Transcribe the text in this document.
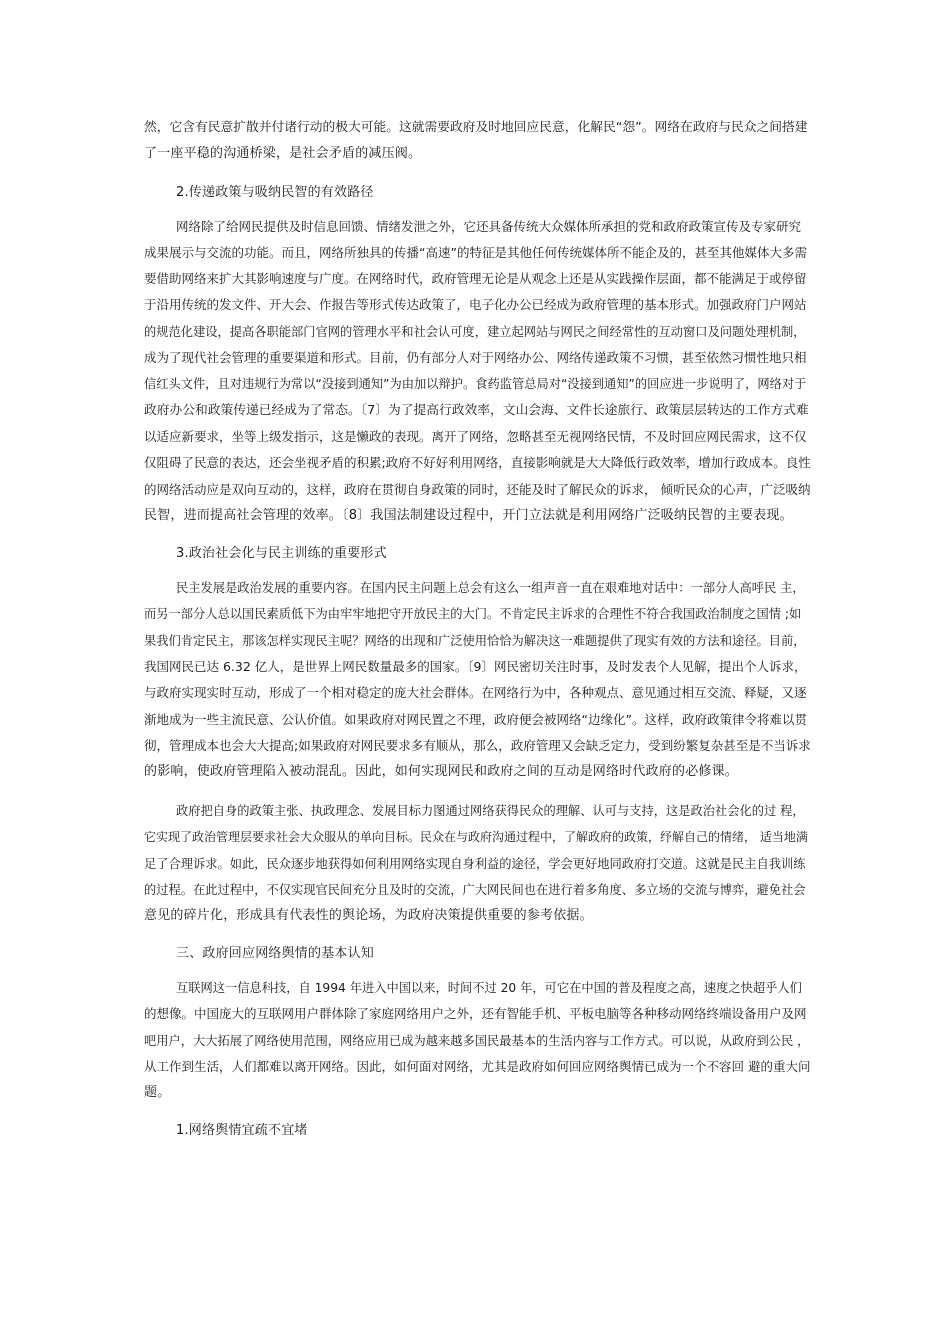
然，它含有民意扩散并付诸行动的极大可能。这就需要政府及时地回应民意，化解民“怨”。网络在政府与民众之间搭建
了一座平稳的沟通桥梁，是社会矛盾的减压阀。
2.传递政策与吸纳民智的有效路径
网络除了给网民提供及时信息回馈、情绪发泄之外，它还具备传统大众媒体所承担的党和政府政策宣传及专家研究
成果展示与交流的功能。而且，网络所独具的传播“高速”的特征是其他任何传统媒体所不能企及的，甚至其他媒体大多需
要借助网络来扩大其影响速度与广度。在网络时代，政府管理无论是从观念上还是从实践操作层面，都不能满足于或停留
于沿用传统的发文件、开大会、作报告等形式传达政策了，电子化办公已经成为政府管理的基本形式。加强政府门户网站
的规范化建设，提高各职能部门官网的管理水平和社会认可度，建立起网站与网民之间经常性的互动窗口及问题处理机制，
成为了现代社会管理的重要渠道和形式。目前，仍有部分人对于网络办公、网络传递政策不习惯，甚至依然习惯性地只相
信红头文件，且对违规行为常以“没接到通知”为由加以辩护。食药监管总局对“没接到通知”的回应进一步说明了，网络对于
政府办公和政策传递已经成为了常态。〔7〕为了提高行政效率，文山会海、文件长途旅行、政策层层转达的工作方式难
以适应新要求，坐等上级发指示，这是懒政的表现。离开了网络，忽略甚至无视网络民情，不及时回应网民需求，这不仅
仅阻碍了民意的表达，还会坐视矛盾的积累;政府不好好利用网络，直接影响就是大大降低行政效率，增加行政成本。良性
的网络活动应是双向互动的，这样，政府在贯彻自身政策的同时，还能及时了解民众的诉求， 倾听民众的心声，广泛吸纳
民智，进而提高社会管理的效率。〔8〕我国法制建设过程中，开门立法就是利用网络广泛吸纳民智的主要表现。
3.政治社会化与民主训练的重要形式
民主发展是政治发展的重要内容。在国内民主问题上总会有这么一组声音一直在艰难地对话中：一部分人高呼民 主，
而另一部分人总以国民素质低下为由牢牢地把守开放民主的大门。不肯定民主诉求的合理性不符合我国政治制度之国情 ;如
果我们肯定民主，那该怎样实现民主呢？网络的出现和广泛使用恰恰为解决这一难题提供了现实有效的方法和途径。目前，
我国网民已达 6.32 亿人，是世界上网民数量最多的国家。〔9〕网民密切关注时事，及时发表个人见解，提出个人诉求，
与政府实现实时互动，形成了一个相对稳定的庞大社会群体。在网络行为中，各种观点、意见通过相互交流、释疑，又逐
渐地成为一些主流民意、公认价值。如果政府对网民置之不理，政府便会被网络“边缘化”。这样，政府政策律令将难以贯
彻，管理成本也会大大提高;如果政府对网民要求多有顺从，那么，政府管理又会缺乏定力，受到纷繁复杂甚至是不当诉求
的影响，使政府管理陷入被动混乱。因此，如何实现网民和政府之间的互动是网络时代政府的必修课。
政府把自身的政策主张、执政理念、发展目标力图通过网络获得民众的理解、认可与支持，这是政治社会化的过 程，
它实现了政治管理层要求社会大众服从的单向目标。民众在与政府沟通过程中，了解政府的政策，纾解自己的情绪， 适当地满
足了合理诉求。如此，民众逐步地获得如何利用网络实现自身利益的途径，学会更好地同政府打交道。这就是民主自我训练
的过程。在此过程中，不仅实现官民间充分且及时的交流，广大网民间也在进行着多角度、多立场的交流与博弈，避免社会
意见的碎片化，形成具有代表性的舆论场，为政府决策提供重要的参考依据。
三、政府回应网络舆情的基本认知
互联网这一信息科技，自 1994 年进入中国以来，时间不过 20 年，可它在中国的普及程度之高，速度之快超乎人们
的想像。中国庞大的互联网用户群体除了家庭网络用户之外，还有智能手机、平板电脑等各种移动网络终端设备用户及网
吧用户，大大拓展了网络使用范围，网络应用已成为越来越多国民最基本的生活内容与工作方式。可以说，从政府到公民 ，
从工作到生活，人们都难以离开网络。因此，如何面对网络，尤其是政府如何回应网络舆情已成为一个不容回 避的重大问
题。
1.网络舆情宜疏不宜堵
